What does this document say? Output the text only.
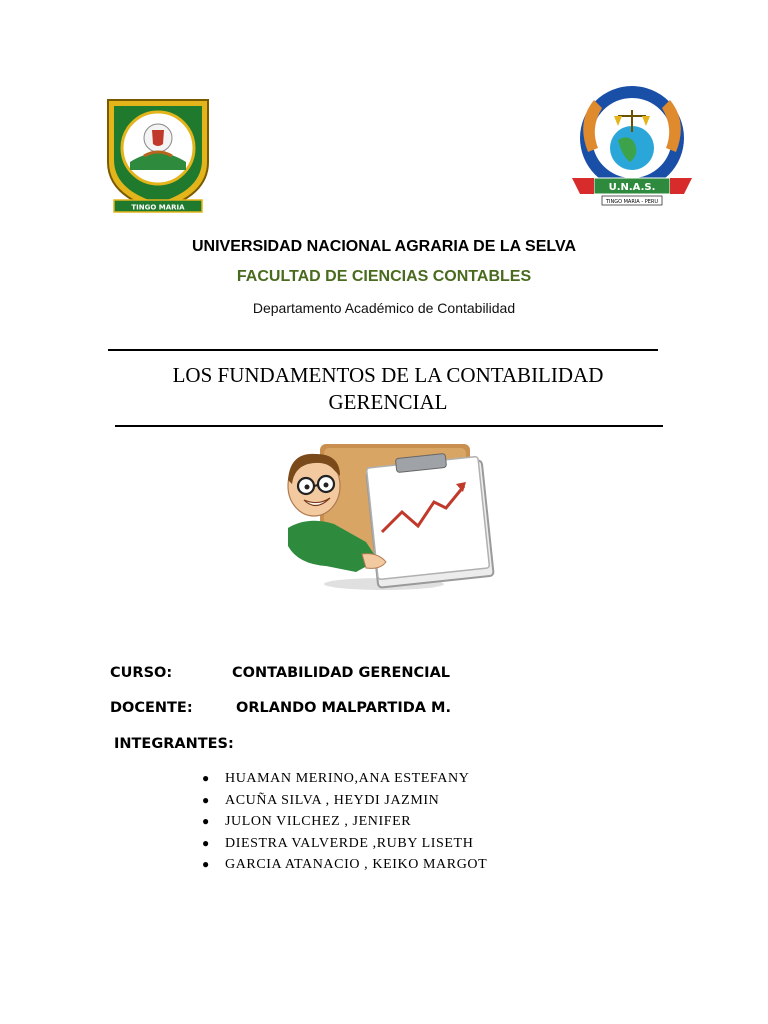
TINGO MARIA
U.N.A.S.
TINGO MARIA - PERU
UNIVERSIDAD NACIONAL AGRARIA DE LA SELVA
FACULTAD DE CIENCIAS CONTABLES
Departamento Académico de Contabilidad
LOS FUNDAMENTOS DE LA CONTABILIDAD
GERENCIAL
CURSO:	CONTABILIDAD GERENCIAL
DOCENTE:	ORLANDO MALPARTIDA M.
INTEGRANTES:
● HUAMAN MERINO,ANA ESTEFANY
● ACUÑA SILVA , HEYDI JAZMIN
● JULON VILCHEZ , JENIFER
● DIESTRA VALVERDE ,RUBY LISETH
● GARCIA ATANACIO , KEIKO MARGOT
